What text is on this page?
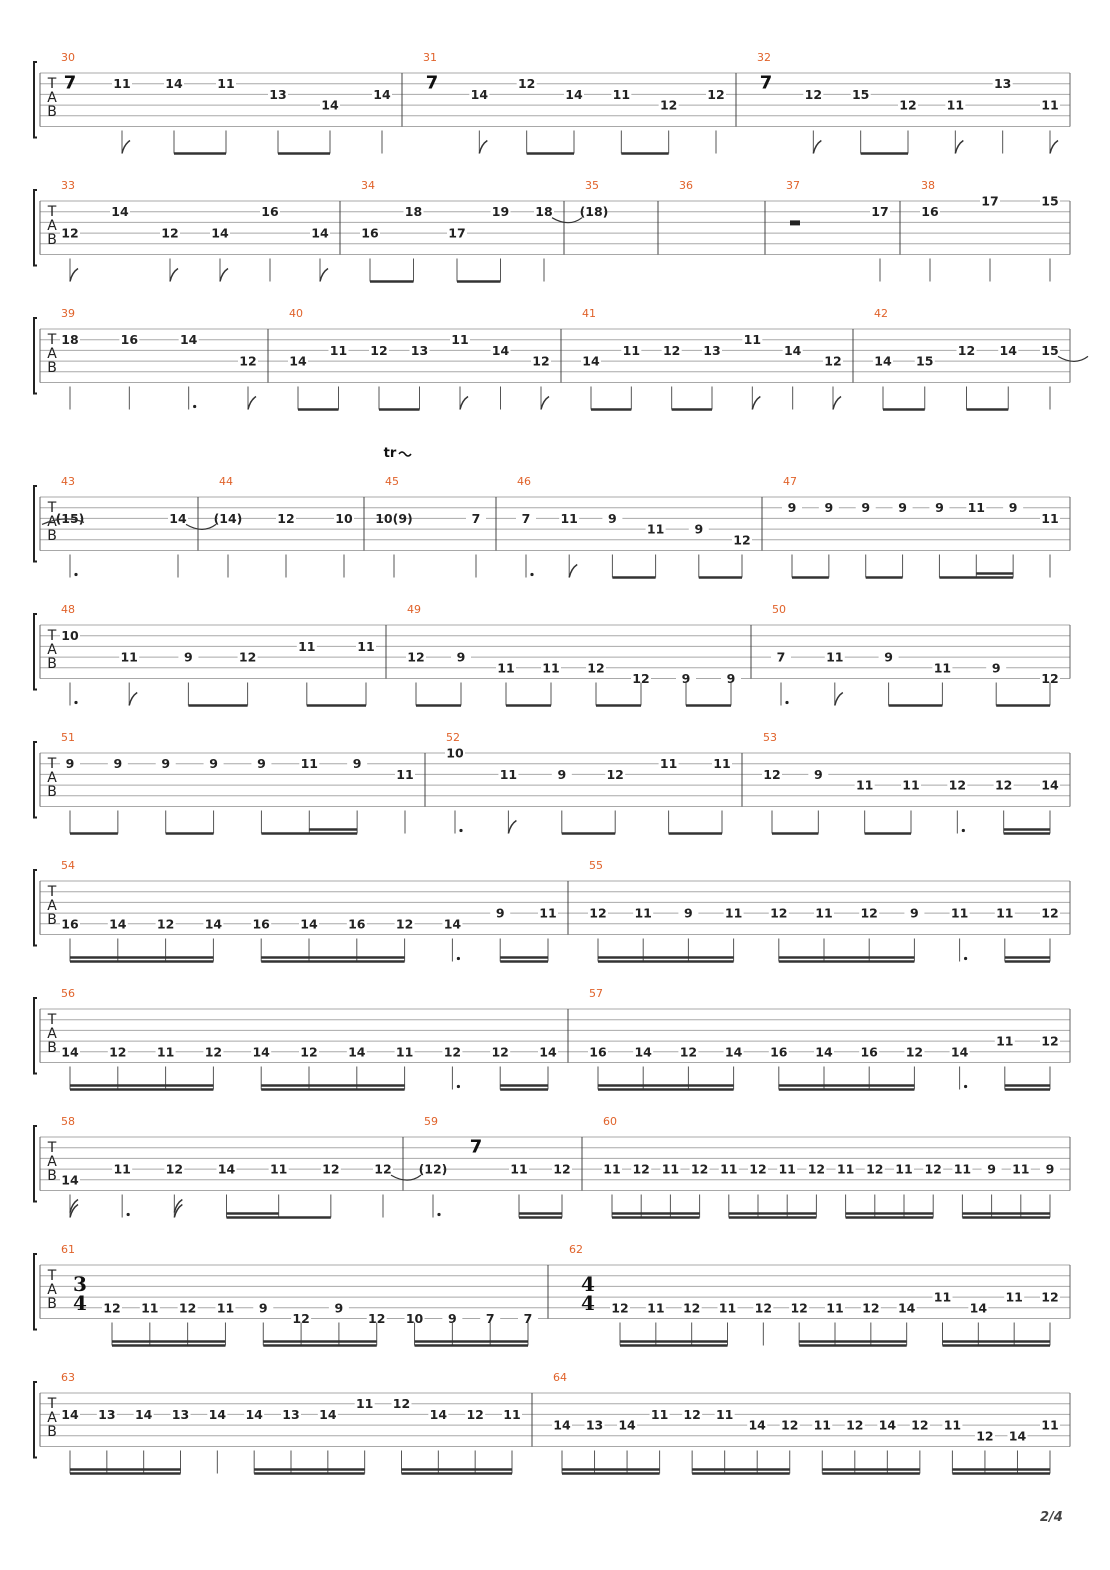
T
A
B
30
7	11	14	11
13
14
14
31
7
14
12
14 11
12
12
32
7
12 15
12 11
13
11
T
A
B
33
12
14
12	14
16
14
34
16
18
17
19 18
35
(18)
36	37
17
38
16
17	15
T
A
B
39
18	16	14
12
40
14
11 12 13
11
14
12
41
14
11 12 13
11
14
12
42
14 15
12 14 15
T
A
B
43
(15)	14
44
(14)	12	10
45
10(9)	7
tr
46
7 11 9
11 9
12
47
9 9 9 9 9 11 9
11
T
A
B
48
10
11	9	12
11	11
49
12	9
11 11 12
12	9	9
50
7	11	9
11	9
12
T
A
B
51
9	9	9	9	9	11	9
11
52
10
11	9	12
11	11
53
12	9
11 11 12 12 14
T
A
B
54
16 14 12 14 16 14 16 12 14
9	11
55
12 11	9	11 12 11 12	9	11 11 12
T
A
B
56
14 12 11 12 14 12 14 11 12 12 14
57
16 14 12 14 16 14 16 12 14
11 12
T
A
B
58
14
11	12	14	11	12	12
59
(12)
7
11 12
60
11 12 11 12 11 12 11 12 11 12 11 12 11 9 11 9
T
A
B
61
3
4 12 11 12 11 9
12
9
12 10 9 7 7
62
4
4 12 11 12 11 12 12 11 12 14
11
14
11 12
T
A
B
63
14 13 14 13 14 14 13 14
11 12
14 12 11
64
14 13 14
11 12 11
14 12 11 12 14 12 11
12 14
11
2/4
